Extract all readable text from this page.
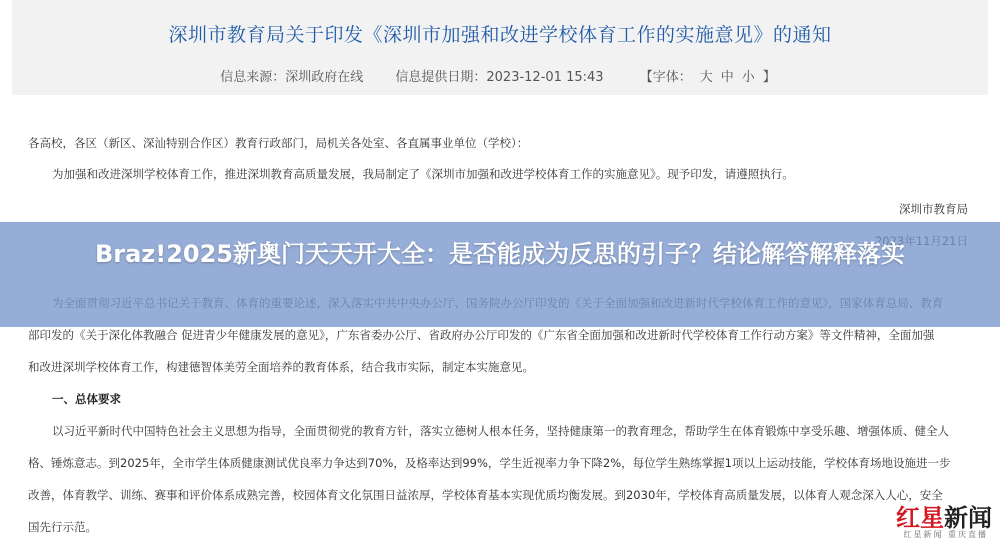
深圳市教育局关于印发《深圳市加强和改进学校体育工作的实施意见》的通知
信息来源：深圳政府在线 信息提供日期：2023-12-01 15:43	【字体： 大 中 小 】
各高校，各区（新区、深汕特别合作区）教育行政部门，局机关各处室、各直属事业单位（学校）：
为加强和改进深圳学校体育工作，推进深圳教育高质量发展，我局制定了《深圳市加强和改进学校体育工作的实施意见》。现予印发，请遵照执行。
深圳市教育局
部印发的《关于深化体教融合 促进青少年健康发展的意见》，广东省委办公厅、省政府办公厅印发的《广东省全面加强和改进新时代学校体育工作行动方案》等文件精神，全面加强
和改进深圳学校体育工作，构建德智体美劳全面培养的教育体系，结合我市实际，制定本实施意见。
一、总体要求
以习近平新时代中国特色社会主义思想为指导，全面贯彻党的教育方针，落实立德树人根本任务，坚持健康第一的教育理念，帮助学生在体育锻炼中享受乐趣、增强体质、健全人
格、锤炼意志。到2025年，全市学生体质健康测试优良率力争达到70%，及格率达到99%，学生近视率力争下降2%，每位学生熟练掌握1项以上运动技能，学校体育场地设施进一步
改善，体育教学、训练、赛事和评价体系成熟完善，校园体育文化氛围日益浓厚，学校体育基本实现优质均衡发展。到2030年，学校体育高质量发展，以体育人观念深入人心，安全
国先行示范。
Braz!2025新奥门天天开大全：是否能成为反思的引子？结论解答解释落实
红星新闻
红星新闻 重庆直播
